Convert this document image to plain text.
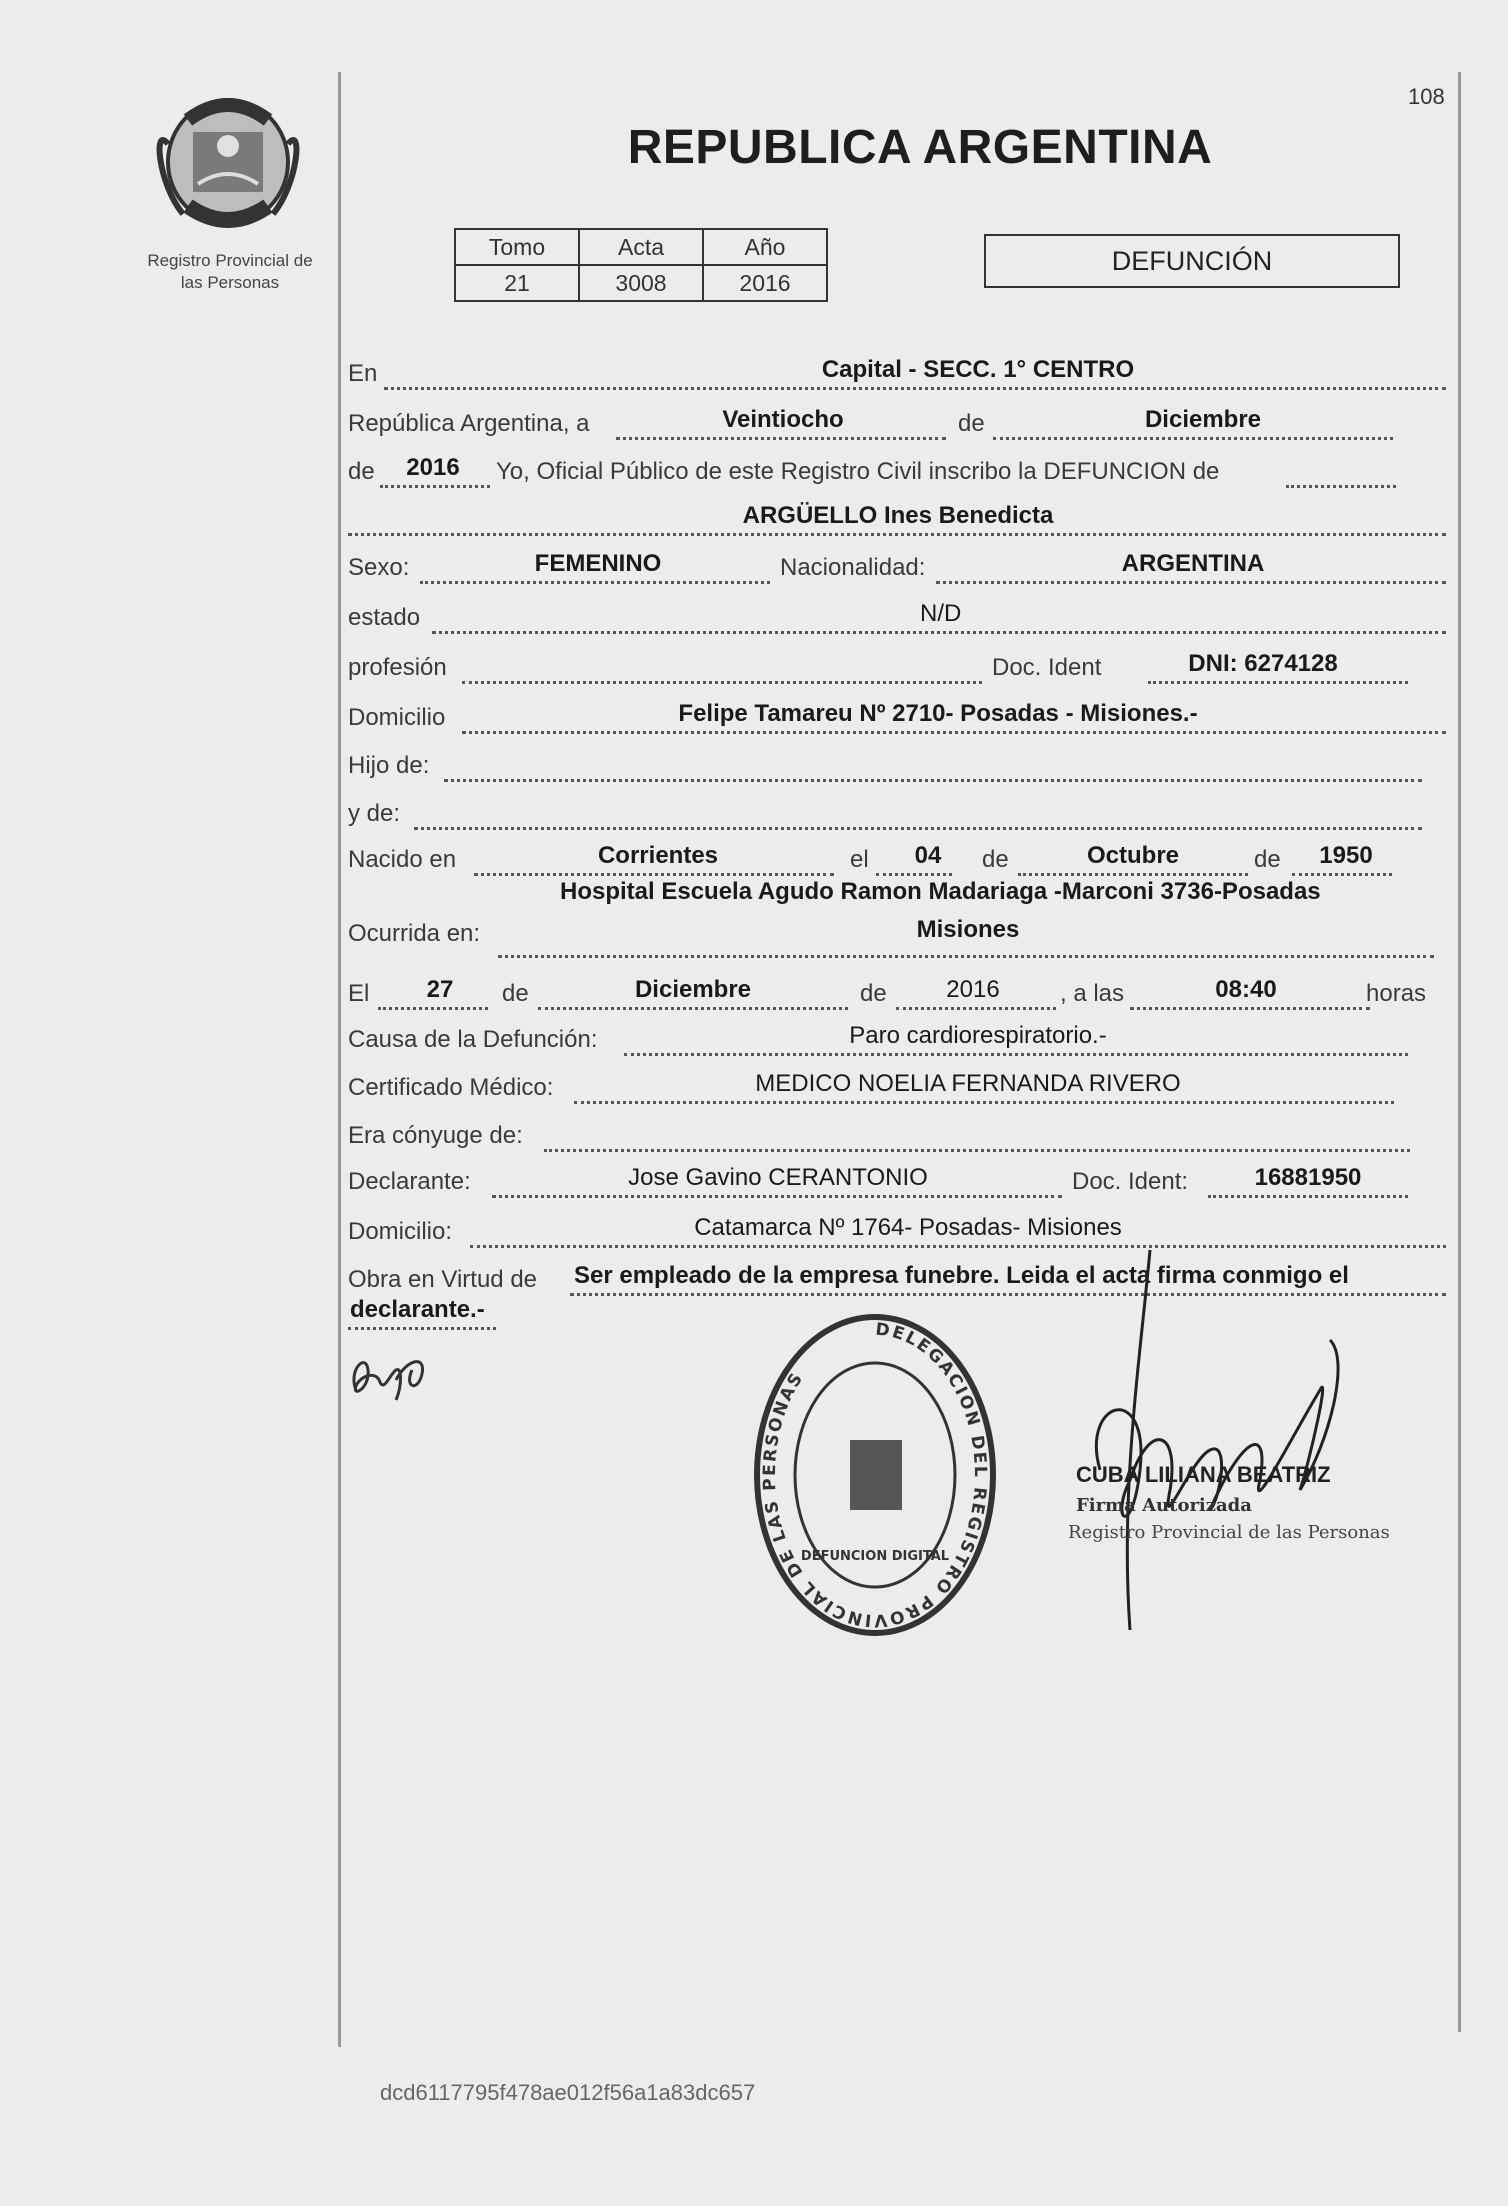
Registro Provincial de
las Personas
108
REPUBLICA ARGENTINA
Tomo	Acta	Año
21	3008	2016
DEFUNCIÓN
En	Capital - SECC. 1° CENTRO
República Argentina, a	Veintiocho	de	Diciembre
de 2016 Yo, Oficial Público de este Registro Civil inscribo la DEFUNCION de
ARGÜELLO Ines Benedicta
Sexo:	FEMENINO	Nacionalidad:	ARGENTINA
estado	N/D
profesión	Doc. Ident	DNI: 6274128
Domicilio	Felipe Tamareu Nº 2710- Posadas - Misiones.-
Hijo de:
y de:
Nacido en	Corrientes	el 04 de	Octubre	de 1950
Hospital Escuela Agudo Ramon Madariaga -Marconi 3736-Posadas
Ocurrida en:	Misiones
El 27 de	Diciembre	de 2016	, a las	08:40	horas
Causa de la Defunción:	Paro cardiorespiratorio.-
Certificado Médico:	MEDICO NOELIA FERNANDA RIVERO
Era cónyuge de:
Declarante:	Jose Gavino CERANTONIO	Doc. Ident:	16881950
Domicilio:	Catamarca Nº 1764- Posadas- Misiones
Obra en Virtud de Ser empleado de la empresa funebre. Leida el acta firma conmigo el
declarante.-
DELEGACION DEL REGISTRO PROVINCIAL DE LAS PERSONAS
DEFUNCION DIGITAL
CUBA LILIANA BEATRIZ
Firma Autorizada
Registro Provincial de las Personas
dcd6117795f478ae012f56a1a83dc657
